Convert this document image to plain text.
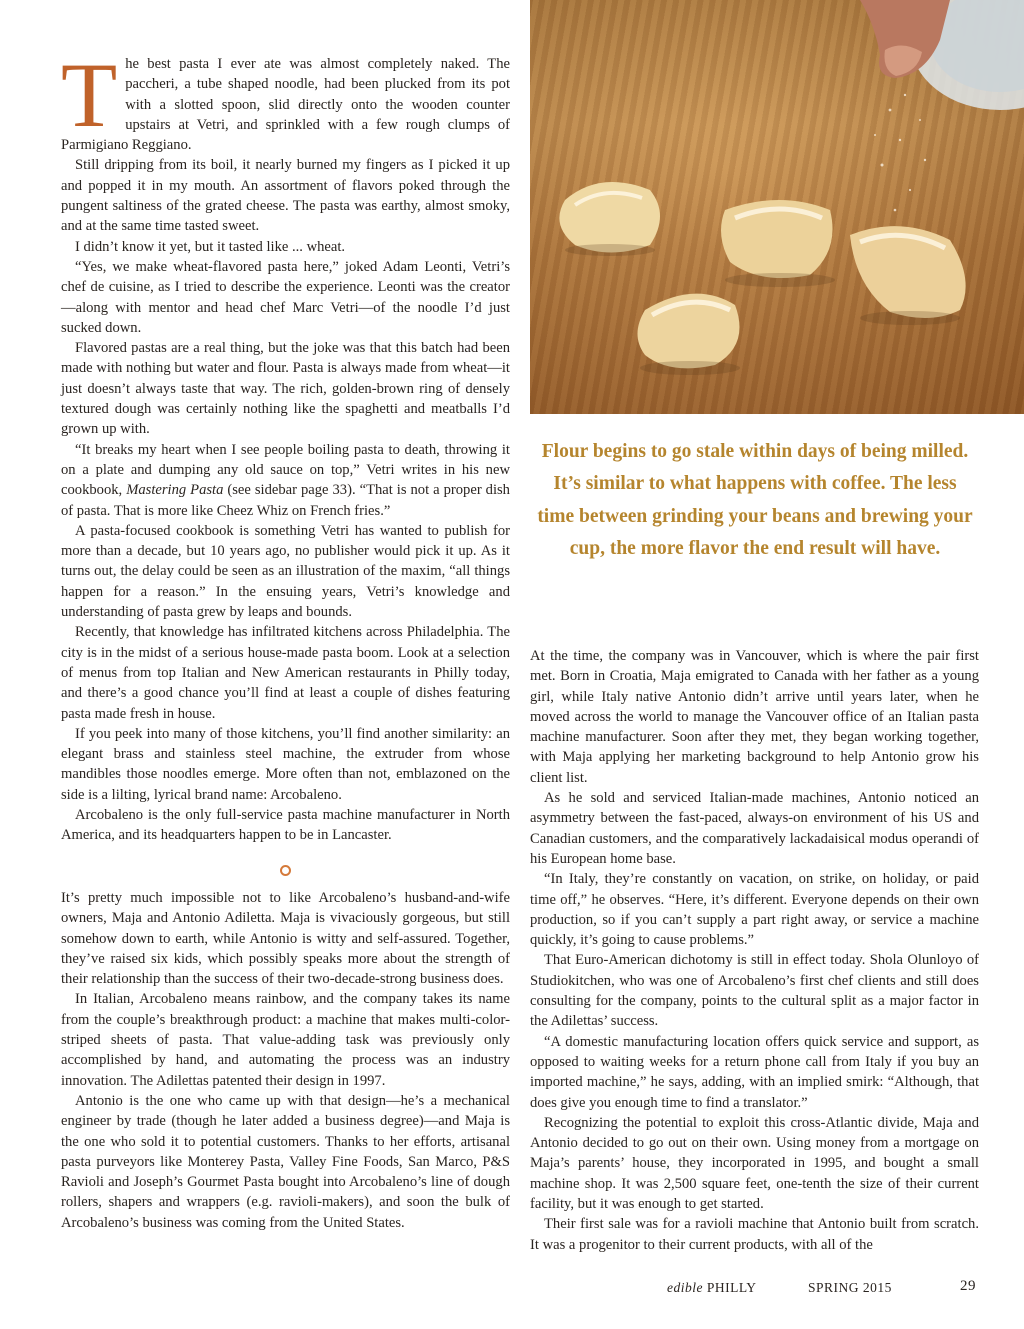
The best pasta I ever ate was almost completely naked. The paccheri, a tube shaped noodle, had been plucked from its pot with a slotted spoon, slid directly onto the wooden counter upstairs at Vetri, and sprinkled with a few rough clumps of Parmigiano Reggiano.

Still dripping from its boil, it nearly burned my fingers as I picked it up and popped it in my mouth. An assortment of flavors poked through the pungent saltiness of the grated cheese. The pasta was earthy, almost smoky, and at the same time tasted sweet.

I didn’t know it yet, but it tasted like ... wheat.

“Yes, we make wheat-flavored pasta here,” joked Adam Leonti, Vetri’s chef de cuisine, as I tried to describe the experience. Leonti was the creator—along with mentor and head chef Marc Vetri—of the noodle I’d just sucked down.

Flavored pastas are a real thing, but the joke was that this batch had been made with nothing but water and flour. Pasta is always made from wheat—it just doesn’t always taste that way. The rich, golden-brown ring of densely textured dough was certainly nothing like the spaghetti and meatballs I’d grown up with.

“It breaks my heart when I see people boiling pasta to death, throwing it on a plate and dumping any old sauce on top,” Vetri writes in his new cookbook, Mastering Pasta (see sidebar page 33). “That is not a proper dish of pasta. That is more like Cheez Whiz on French fries.”

A pasta-focused cookbook is something Vetri has wanted to publish for more than a decade, but 10 years ago, no publisher would pick it up. As it turns out, the delay could be seen as an illustration of the maxim, “all things happen for a reason.” In the ensuing years, Vetri’s knowledge and understanding of pasta grew by leaps and bounds.

Recently, that knowledge has infiltrated kitchens across Philadelphia. The city is in the midst of a serious house-made pasta boom. Look at a selection of menus from top Italian and New American restaurants in Philly today, and there’s a good chance you’ll find at least a couple of dishes featuring pasta made fresh in house.

If you peek into many of those kitchens, you’ll find another similarity: an elegant brass and stainless steel machine, the extruder from whose mandibles those noodles emerge. More often than not, emblazoned on the side is a lilting, lyrical brand name: Arcobaleno.

Arcobaleno is the only full-service pasta machine manufacturer in North America, and its headquarters happen to be in Lancaster.

It’s pretty much impossible not to like Arcobaleno’s husband-and-wife owners, Maja and Antonio Adiletta. Maja is vivaciously gorgeous, but still somehow down to earth, while Antonio is witty and self-assured. Together, they’ve raised six kids, which possibly speaks more about the strength of their relationship than the success of their two-decade-strong business does.

In Italian, Arcobaleno means rainbow, and the company takes its name from the couple’s breakthrough product: a machine that makes multi-color-striped sheets of pasta. That value-adding task was previously only accomplished by hand, and automating the process was an industry innovation. The Adilettas patented their design in 1997.

Antonio is the one who came up with that design—he’s a mechanical engineer by trade (though he later added a business degree)—and Maja is the one who sold it to potential customers. Thanks to her efforts, artisanal pasta purveyors like Monterey Pasta, Valley Fine Foods, San Marco, P&S Ravioli and Joseph’s Gourmet Pasta bought into Arcobaleno’s line of dough rollers, shapers and wrappers (e.g. ravioli-makers), and soon the bulk of Arcobaleno’s business was coming from the United States.

Flour begins to go stale within days of being milled. It’s similar to what happens with coffee. The less time between grinding your beans and brewing your cup, the more flavor the end result will have.

At the time, the company was in Vancouver, which is where the pair first met. Born in Croatia, Maja emigrated to Canada with her father as a young girl, while Italy native Antonio didn’t arrive until years later, when he moved across the world to manage the Vancouver office of an Italian pasta machine manufacturer. Soon after they met, they began working together, with Maja applying her marketing background to help Antonio grow his client list.

As he sold and serviced Italian-made machines, Antonio noticed an asymmetry between the fast-paced, always-on environment of his US and Canadian customers, and the comparatively lackadaisical modus operandi of his European home base.

“In Italy, they’re constantly on vacation, on strike, on holiday, or paid time off,” he observes. “Here, it’s different. Everyone depends on their own production, so if you can’t supply a part right away, or service a machine quickly, it’s going to cause problems.”

That Euro-American dichotomy is still in effect today. Shola Olunloyo of Studiokitchen, who was one of Arcobaleno’s first chef clients and still does consulting for the company, points to the cultural split as a major factor in the Adilettas’ success.

“A domestic manufacturing location offers quick service and support, as opposed to waiting weeks for a return phone call from Italy if you buy an imported machine,” he says, adding, with an implied smirk: “Although, that does give you enough time to find a translator.”

Recognizing the potential to exploit this cross-Atlantic divide, Maja and Antonio decided to go out on their own. Using money from a mortgage on Maja’s parents’ house, they incorporated in 1995, and bought a small machine shop. It was 2,500 square feet, one-tenth the size of their current facility, but it was enough to get started.

Their first sale was for a ravioli machine that Antonio built from scratch. It was a progenitor to their current products, with all of the

edible PHILLY	SPRING 2015	29
